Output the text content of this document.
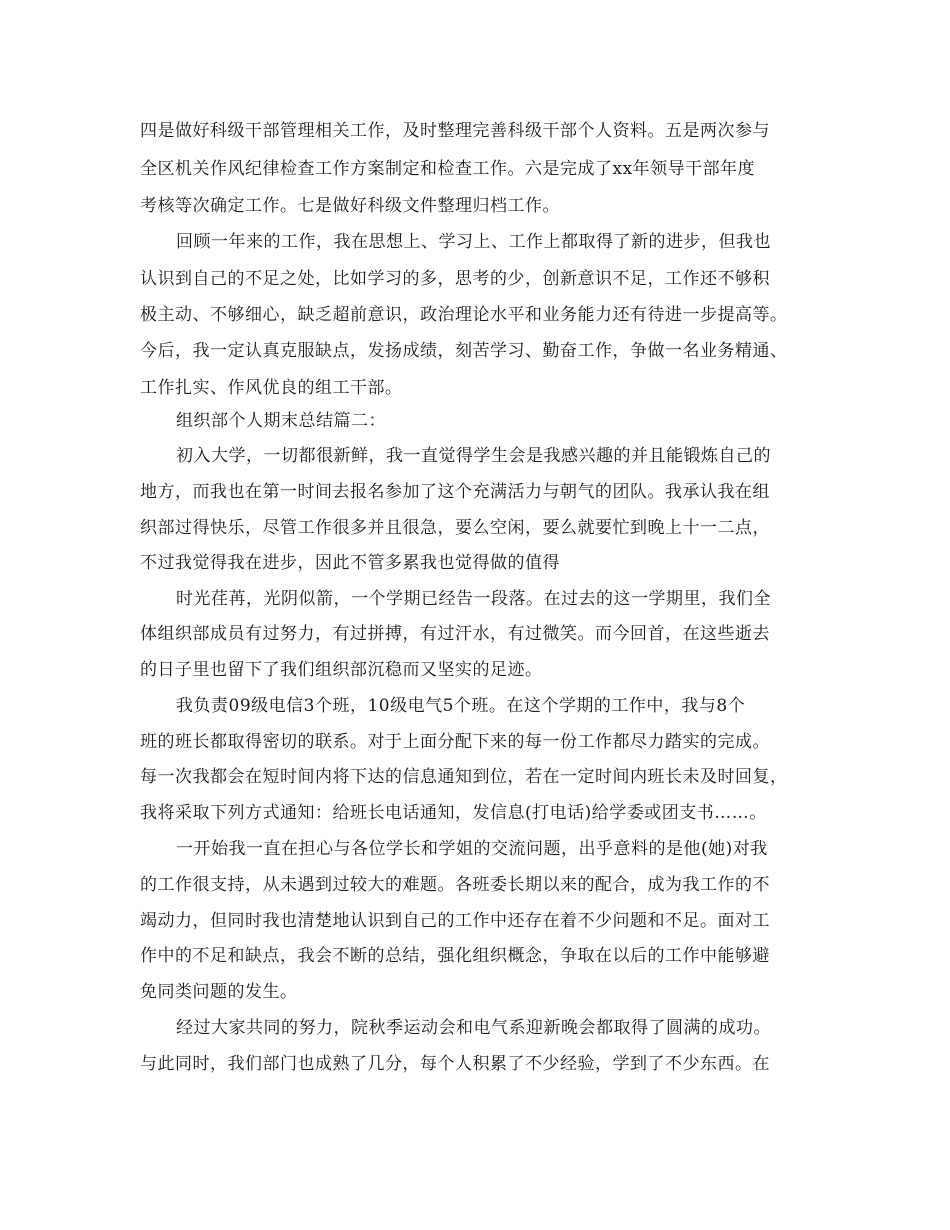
四是做好科级干部管理相关工作，及时整理完善科级干部个人资料。五是两次参与
全区机关作风纪律检查工作方案制定和检查工作。六是完成了xx年领导干部年度
考核等次确定工作。七是做好科级文件整理归档工作。
回顾一年来的工作，我在思想上、学习上、工作上都取得了新的进步，但我也
认识到自己的不足之处，比如学习的多，思考的少，创新意识不足，工作还不够积
极主动、不够细心，缺乏超前意识，政治理论水平和业务能力还有待进一步提高等。
今后，我一定认真克服缺点，发扬成绩，刻苦学习、勤奋工作，争做一名业务精通、
工作扎实、作风优良的组工干部。
组织部个人期末总结篇二：
初入大学，一切都很新鲜，我一直觉得学生会是我感兴趣的并且能锻炼自己的
地方，而我也在第一时间去报名参加了这个充满活力与朝气的团队。我承认我在组
织部过得快乐，尽管工作很多并且很急，要么空闲，要么就要忙到晚上十一二点，
不过我觉得我在进步，因此不管多累我也觉得做的值得
时光荏苒，光阴似箭，一个学期已经告一段落。在过去的这一学期里，我们全
体组织部成员有过努力，有过拼搏，有过汗水，有过微笑。而今回首，在这些逝去
的日子里也留下了我们组织部沉稳而又坚实的足迹。
我负责09级电信3个班，10级电气5个班。在这个学期的工作中，我与8个
班的班长都取得密切的联系。对于上面分配下来的每一份工作都尽力踏实的完成。
每一次我都会在短时间内将下达的信息通知到位，若在一定时间内班长未及时回复，
我将采取下列方式通知：给班长电话通知，发信息(打电话)给学委或团支书……。
一开始我一直在担心与各位学长和学姐的交流问题，出乎意料的是他(她)对我
的工作很支持，从未遇到过较大的难题。各班委长期以来的配合，成为我工作的不
竭动力，但同时我也清楚地认识到自己的工作中还存在着不少问题和不足。面对工
作中的不足和缺点，我会不断的总结，强化组织概念，争取在以后的工作中能够避
免同类问题的发生。
经过大家共同的努力，院秋季运动会和电气系迎新晚会都取得了圆满的成功。
与此同时，我们部门也成熟了几分，每个人积累了不少经验，学到了不少东西。在
